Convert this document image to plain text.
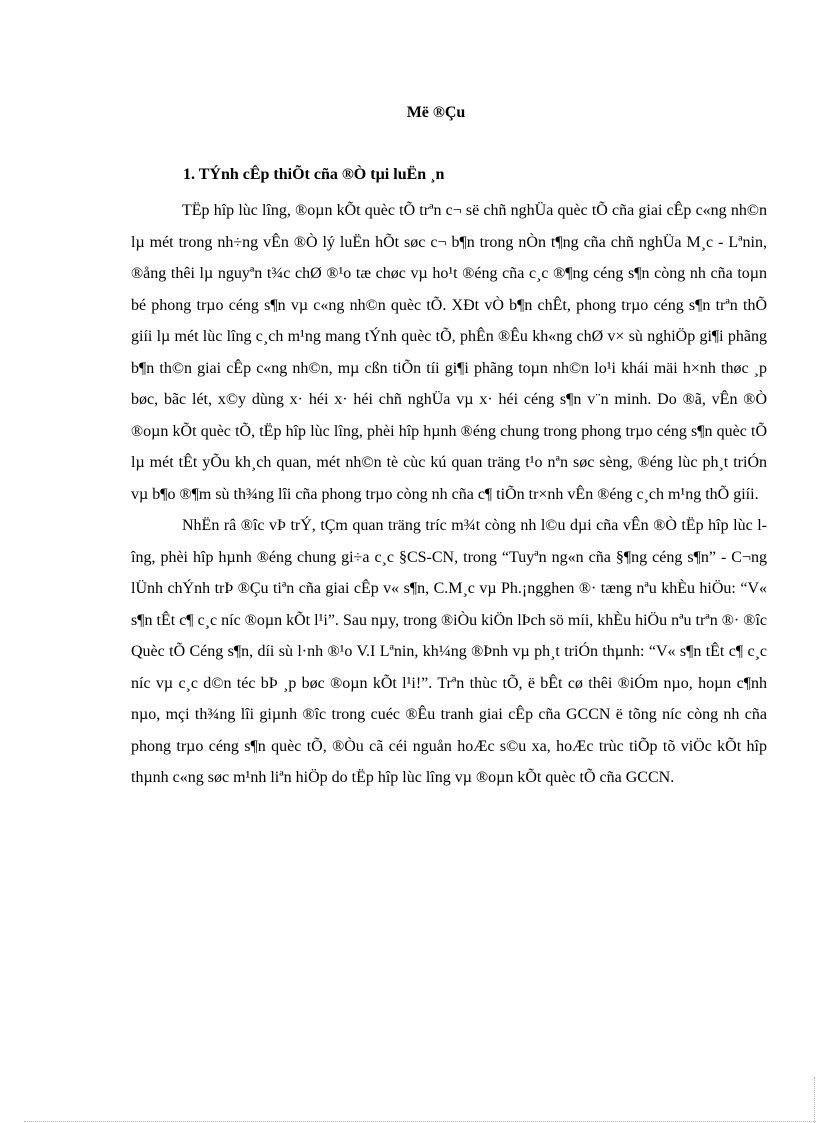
Më ®Çu
1. TÝnh cÊp thiÕt cña ®Ò tµi luËn ¸n

TËp hîp lùc lîng, ®oµn kÕt quèc tÕ trªn c¬ së chñ nghÜa quèc tÕ cña giai cÊp c«ng nh©n lµ mét trong nh÷ng vÊn ®Ò lý luËn hÕt søc c¬ b¶n trong nÒn t¶ng cña chñ nghÜa M¸c - Lªnin, ®ång thêi lµ nguyªn t¾c chØ ®¹o tæ chøc vµ ho¹t ®éng cña c¸c ®¶ng céng s¶n còng nh cña toµn bé phong trµo céng s¶n vµ c«ng nh©n quèc tÕ. XÐt vÒ b¶n chÊt, phong trµo céng s¶n trªn thÕ giíi lµ mét lùc lîng c¸ch m¹ng mang tÝnh quèc tÕ, phÊn ®Êu kh«ng chØ v× sù nghiÖp gi¶i phãng b¶n th©n giai cÊp c«ng nh©n, mµ cßn tiÕn tíi gi¶i phãng toµn nh©n lo¹i khái mäi h×nh thøc ¸p bøc, bãc lét, x©y dùng x· héi x· héi chñ nghÜa vµ x· héi céng s¶n v¨n minh. Do ®ã, vÊn ®Ò ®oµn kÕt quèc tÕ, tËp hîp lùc lîng, phèi hîp hµnh ®éng chung trong phong trµo céng s¶n quèc tÕ lµ mét tÊt yÕu kh¸ch quan, mét nh©n tè cùc kú quan träng t¹o nªn søc sèng, ®éng lùc ph¸t triÓn vµ b¶o ®¶m sù th¾ng lîi cña phong trµo còng nh cña c¶ tiÕn tr×nh vÊn ®éng c¸ch m¹ng thÕ giíi.

NhËn râ ®îc vÞ trÝ, tÇm quan träng tríc m¾t còng nh l©u dµi cña vÊn ®Ò tËp hîp lùc lîng, phèi hîp hµnh ®éng chung gi÷a c¸c §CS-CN, trong “Tuyªn ng«n cña §¶ng céng s¶n” - C¬ng lÜnh chÝnh trÞ ®Çu tiªn cña giai cÊp v« s¶n, C.M¸c vµ Ph.¡ngghen ®· tæng nªu khÈu hiÖu: “V« s¶n tÊt c¶ c¸c níc ®oµn kÕt l¹i”. Sau nµy, trong ®iÒu kiÖn lÞch sö míi, khÈu hiÖu nªu trªn ®· ®îc Quèc tÕ Céng s¶n, díi sù l·nh ®¹o V.I Lªnin, kh¼ng ®Þnh vµ ph¸t triÓn thµnh: “V« s¶n tÊt c¶ c¸c níc vµ c¸c d©n téc bÞ ¸p bøc ®oµn kÕt l¹i!”. Trªn thùc tÕ, ë bÊt cø thêi ®iÓm nµo, hoµn c¶nh nµo, mçi th¾ng lîi giµnh ®îc trong cuéc ®Êu tranh giai cÊp cña GCCN ë tõng níc còng nh cña phong trµo céng s¶n quèc tÕ, ®Òu cã céi nguån hoÆc s©u xa, hoÆc trùc tiÕp tõ viÖc kÕt hîp thµnh c«ng søc m¹nh liªn hiÖp do tËp hîp lùc lîng vµ ®oµn kÕt quèc tÕ cña GCCN.
